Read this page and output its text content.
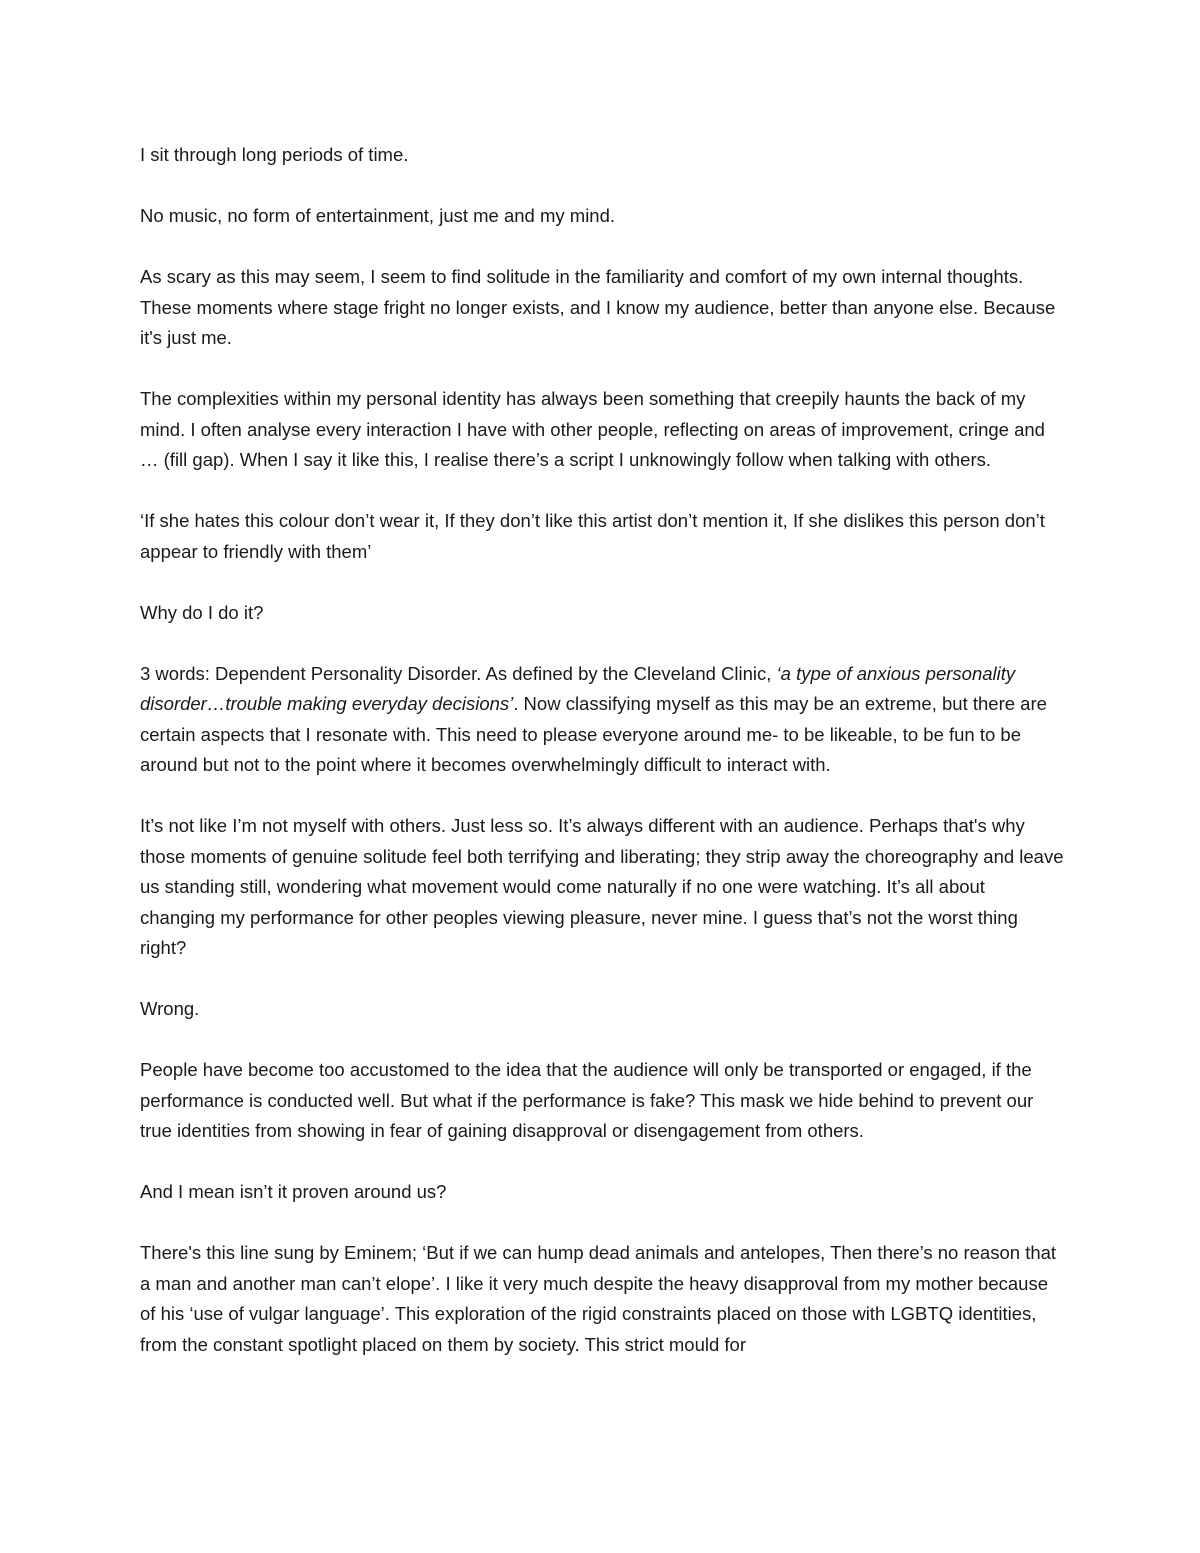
I sit through long periods of time.

No music, no form of entertainment, just me and my mind.

As scary as this may seem, I seem to find solitude in the familiarity and comfort of my own internal thoughts. These moments where stage fright no longer exists, and I know my audience, better than anyone else. Because it's just me.

The complexities within my personal identity has always been something that creepily haunts the back of my mind. I often analyse every interaction I have with other people, reflecting on areas of improvement, cringe and … (fill gap). When I say it like this, I realise there’s a script I unknowingly follow when talking with others.

‘If she hates this colour don’t wear it, If they don’t like this artist don’t mention it, If she dislikes this person don’t appear to friendly with them’

Why do I do it?

3 words: Dependent Personality Disorder. As defined by the Cleveland Clinic, ‘a type of anxious personality disorder…trouble making everyday decisions’. Now classifying myself as this may be an extreme, but there are certain aspects that I resonate with. This need to please everyone around me- to be likeable, to be fun to be around but not to the point where it becomes overwhelmingly difficult to interact with.

It’s not like I’m not myself with others. Just less so. It’s always different with an audience. Perhaps that's why those moments of genuine solitude feel both terrifying and liberating; they strip away the choreography and leave us standing still, wondering what movement would come naturally if no one were watching. It’s all about changing my performance for other peoples viewing pleasure, never mine. I guess that’s not the worst thing right?

Wrong.

People have become too accustomed to the idea that the audience will only be transported or engaged, if the performance is conducted well. But what if the performance is fake? This mask we hide behind to prevent our true identities from showing in fear of gaining disapproval or disengagement from others.

And I mean isn’t it proven around us?

There's this line sung by Eminem; ‘But if we can hump dead animals and antelopes, Then there’s no reason that a man and another man can’t elope’. I like it very much despite the heavy disapproval from my mother because of his ‘use of vulgar language’. This exploration of the rigid constraints placed on those with LGBTQ identities, from the constant spotlight placed on them by society. This strict mould for
